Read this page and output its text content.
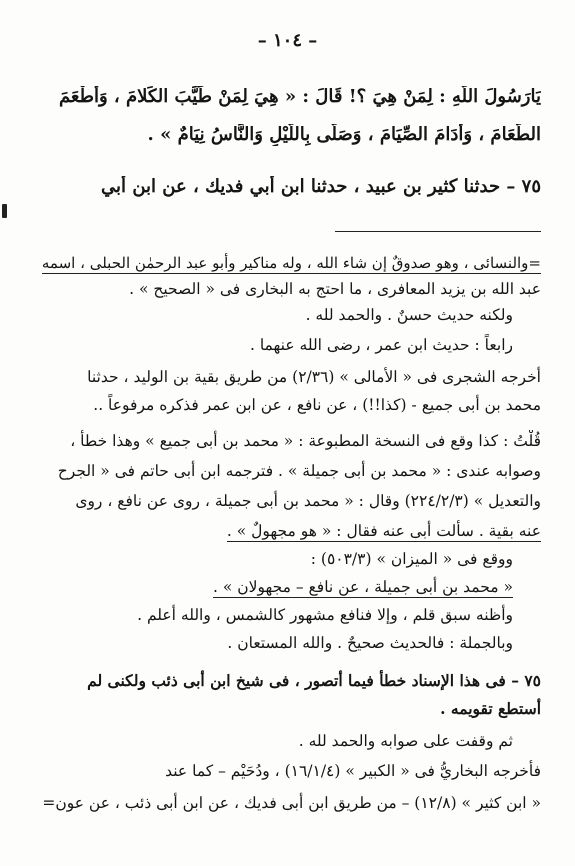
– ١٠٤ –
يَارَسُولَ اللَّهِ : لِمَنْ هِيَ ؟! قَالَ : « هِيَ لِمَنْ طَيَّبَ الكَلامَ ، وَأَطْعَمَ
الطَّعَامَ ، وَأَدَامَ الصِّيَامَ ، وَصَلَّى بِاللَّيْلِ وَالنَّاسُ نِيَامٌ » .
٧٥ – حدثنا كثير بن عبيد ، حدثنا ابن أبي فديك ، عن ابن أبي
=والنسائى ، وهو صدوقٌ إن شاء الله ، وله مناكير وأبو عبد الرحمٰن الحبلى ، اسمه
عبد الله بن يزيد المعافرى ، ما احتج به البخارى فى « الصحيح » .
ولكنه حديث حسنٌ . والحمد لله .
رابعاً : حديث ابن عمر ، رضى الله عنهما .
أخرجه الشجرى فى « الأمالى » (٢/٣٦) من طريق بقية بن الوليد ، حدثنا
محمد بن أبى جميع - (كذا!!) ، عن نافع ، عن ابن عمر فذكره مرفوعاً ..
قُلْتُ : كذا وقع فى النسخة المطبوعة : « محمد بن أبى جميع » وهذا خطأ ،
وصوابه عندى : « محمد بن أبى جميلة » . فترجمه ابن أبى حاتم فى « الجرح
والتعديل » (٢٢٤/٢/٣) وقال : « محمد بن أبى جميلة ، روى عن نافع ، روى
عنه بقية . سألت أبى عنه فقال : « هو مجهولٌ » .
ووقع فى « الميزان » (٥٠٣/٣) :
« محمد بن أبى جميلة ، عن نافع – مجهولان » .
وأظنه سبق قلم ، وإلا فنافع مشهور كالشمس ، والله أعلم .
وبالجملة : فالحديث صحيحٌ . والله المستعان .
٧٥ – فى هذا الإسناد خطأٌ فيما أتصور ، فى شيخ ابن أبى ذئب ولكنى لم
أستطع تقويمه .
ثم وقفت على صوابه والحمد لله .
فأخرجه البخاريُّ فى « الكبير » (١٦/١/٤) ، ودُحَيْم – كما عند
« ابن كثير » (١٢/٨) – من طريق ابن أبى فديك ، عن ابن أبى ذئب ، عن عون=
